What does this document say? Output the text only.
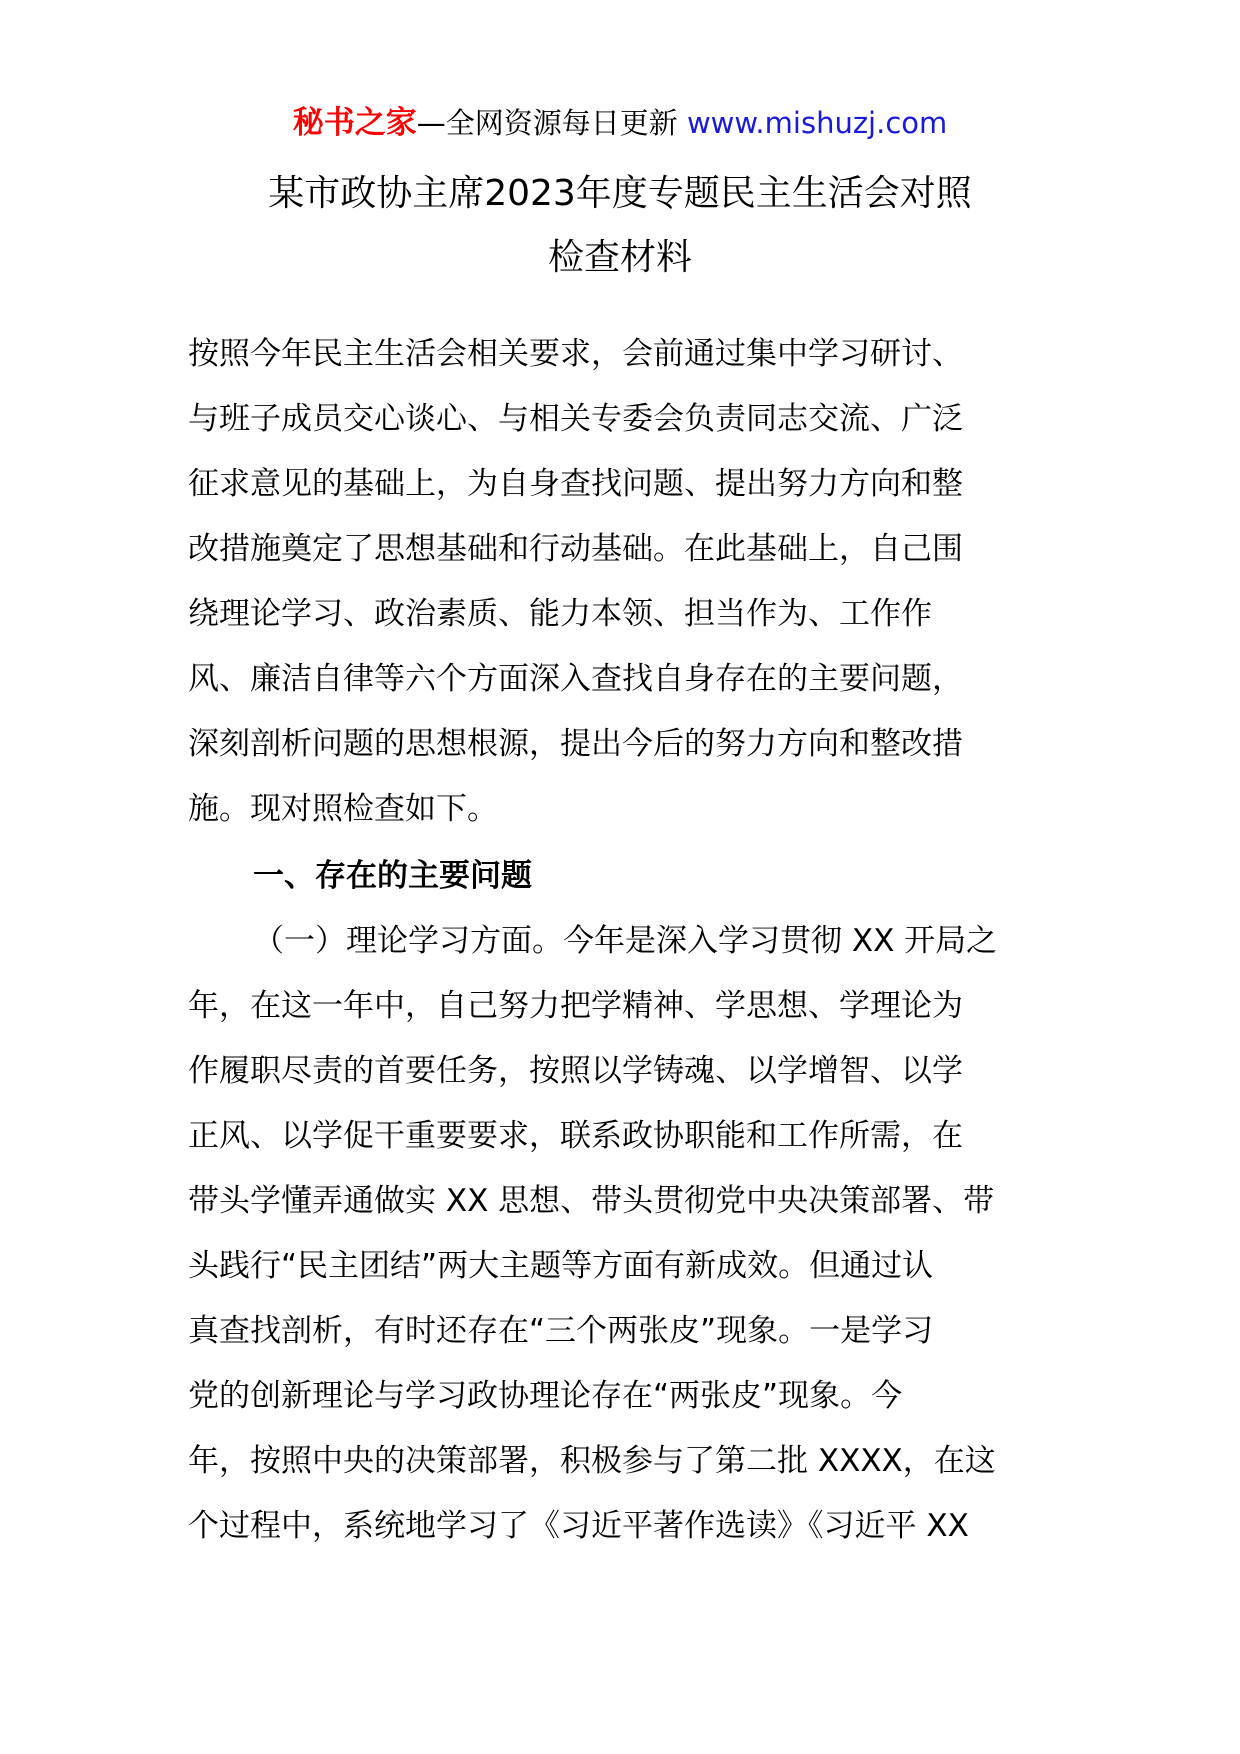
秘书之家—全网资源每日更新 www.mishuzj.com
某市政协主席2023年度专题民主生活会对照
检查材料
按照今年民主生活会相关要求，会前通过集中学习研讨、
与班子成员交心谈心、与相关专委会负责同志交流、广泛
征求意见的基础上，为自身查找问题、提出努力方向和整
改措施奠定了思想基础和行动基础。在此基础上，自己围
绕理论学习、政治素质、能力本领、担当作为、工作作
风、廉洁自律等六个方面深入查找自身存在的主要问题，
深刻剖析问题的思想根源，提出今后的努力方向和整改措
施。现对照检查如下。
一、存在的主要问题
（一）理论学习方面。今年是深入学习贯彻 XX 开局之
年，在这一年中，自己努力把学精神、学思想、学理论为
作履职尽责的首要任务，按照以学铸魂、以学增智、以学
正风、以学促干重要要求，联系政协职能和工作所需，在
带头学懂弄通做实 XX 思想、带头贯彻党中央决策部署、带
头践行“民主团结”两大主题等方面有新成效。但通过认
真查找剖析，有时还存在“三个两张皮”现象。一是学习
党的创新理论与学习政协理论存在“两张皮”现象。今
年，按照中央的决策部署，积极参与了第二批 XXXX，在这
个过程中，系统地学习了《习近平著作选读》《习近平 XX
